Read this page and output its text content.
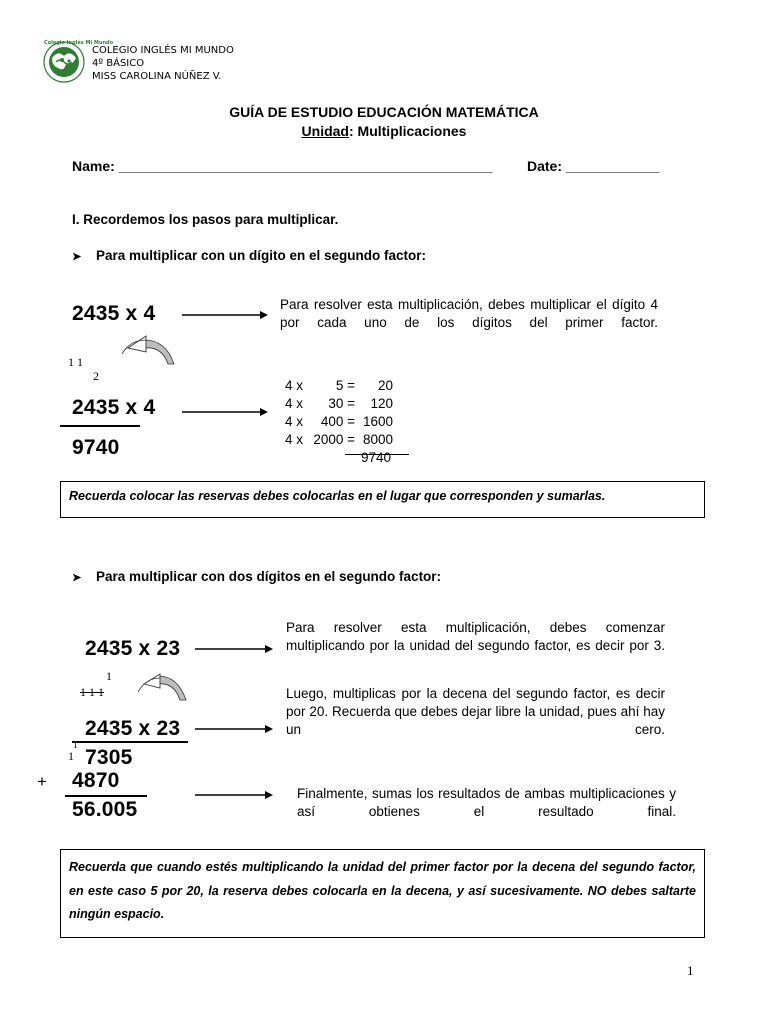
Colegio Inglés Mi Mundo
COLEGIO INGLÉS MI MUNDO
4º BÁSICO
MISS CAROLINA NÚÑEZ V.
GUÍA DE ESTUDIO EDUCACIÓN MATEMÁTICA
Unidad: Multiplicaciones
Name: ________________________________________________ Date: ____________
I. Recordemos los pasos para multiplicar.
➤ Para multiplicar con un dígito en el segundo factor:
2435 x 4	Para resolver esta multiplicación, debes multiplicar el dígito 4 por cada uno de los dígitos del primer factor.
1 1
2
2435 x 4
9740
4 x 5 = 20
4 x 30 = 120
4 x 400 = 1600
4 x 2000 = 8000
9740
Recuerda colocar las reservas debes colocarlas en el lugar que corresponden y sumarlas.
➤ Para multiplicar con dos dígitos en el segundo factor:
2435 x 23
Para resolver esta multiplicación, debes comenzar multiplicando por la unidad del segundo factor, es decir por 3.
1
1 1 1
2435 x 23
Luego, multiplicas por la decena del segundo factor, es decir por 20. Recuerda que debes dejar libre la unidad, pues ahí hay un cero.
1
1 7305
+ 4870
56.005
Finalmente, sumas los resultados de ambas multiplicaciones y así obtienes el resultado final.
Recuerda que cuando estés multiplicando la unidad del primer factor por la decena del segundo factor, en este caso 5 por 20, la reserva debes colocarla en la decena, y así sucesivamente. NO debes saltarte ningún espacio.
1
